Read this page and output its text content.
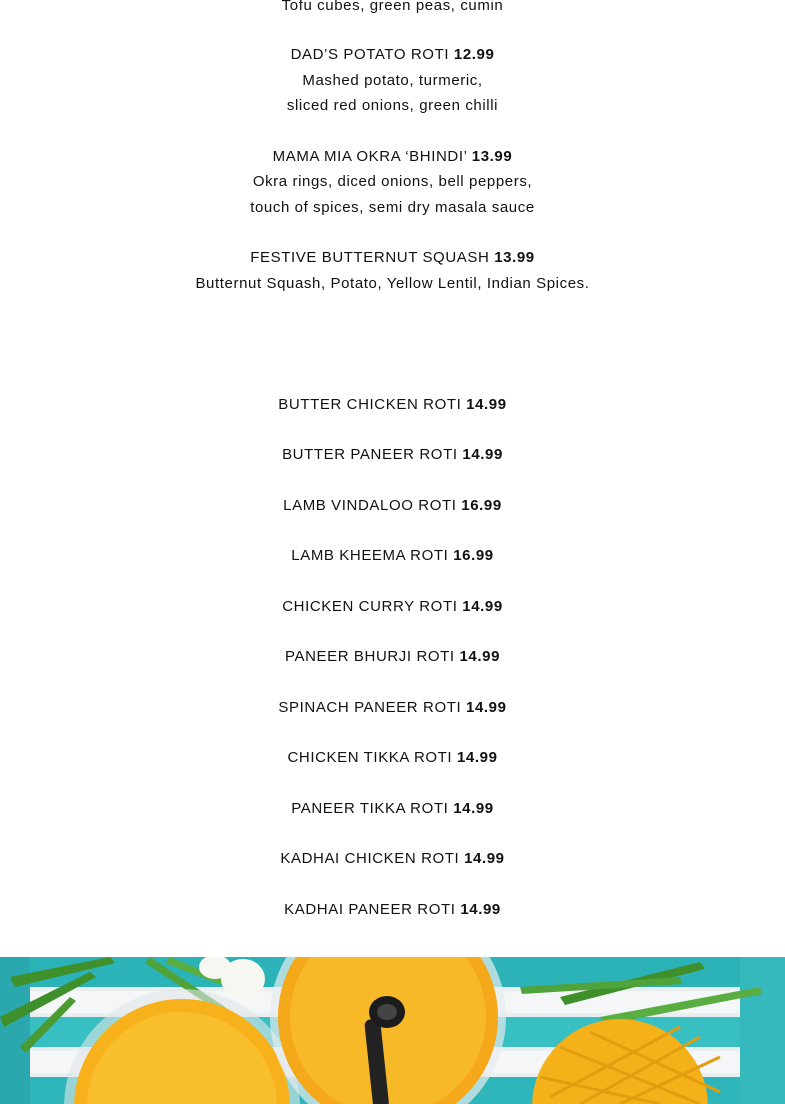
Tofu cubes, green peas, cumin
DAD’S POTATO ROTI 12.99
Mashed potato, turmeric,
sliced red onions, green chilli
MAMA MIA OKRA ‘BHINDI’ 13.99
Okra rings, diced onions, bell peppers,
touch of spices, semi dry masala sauce
FESTIVE BUTTERNUT SQUASH 13.99
Butternut Squash, Potato, Yellow Lentil, Indian Spices.
BUTTER CHICKEN ROTI 14.99
BUTTER PANEER ROTI 14.99
LAMB VINDALOO ROTI 16.99
LAMB KHEEMA ROTI 16.99
CHICKEN CURRY ROTI 14.99
PANEER BHURJI ROTI 14.99
SPINACH PANEER ROTI 14.99
CHICKEN TIKKA ROTI 14.99
PANEER TIKKA ROTI 14.99
KADHAI CHICKEN ROTI 14.99
KADHAI PANEER ROTI 14.99
